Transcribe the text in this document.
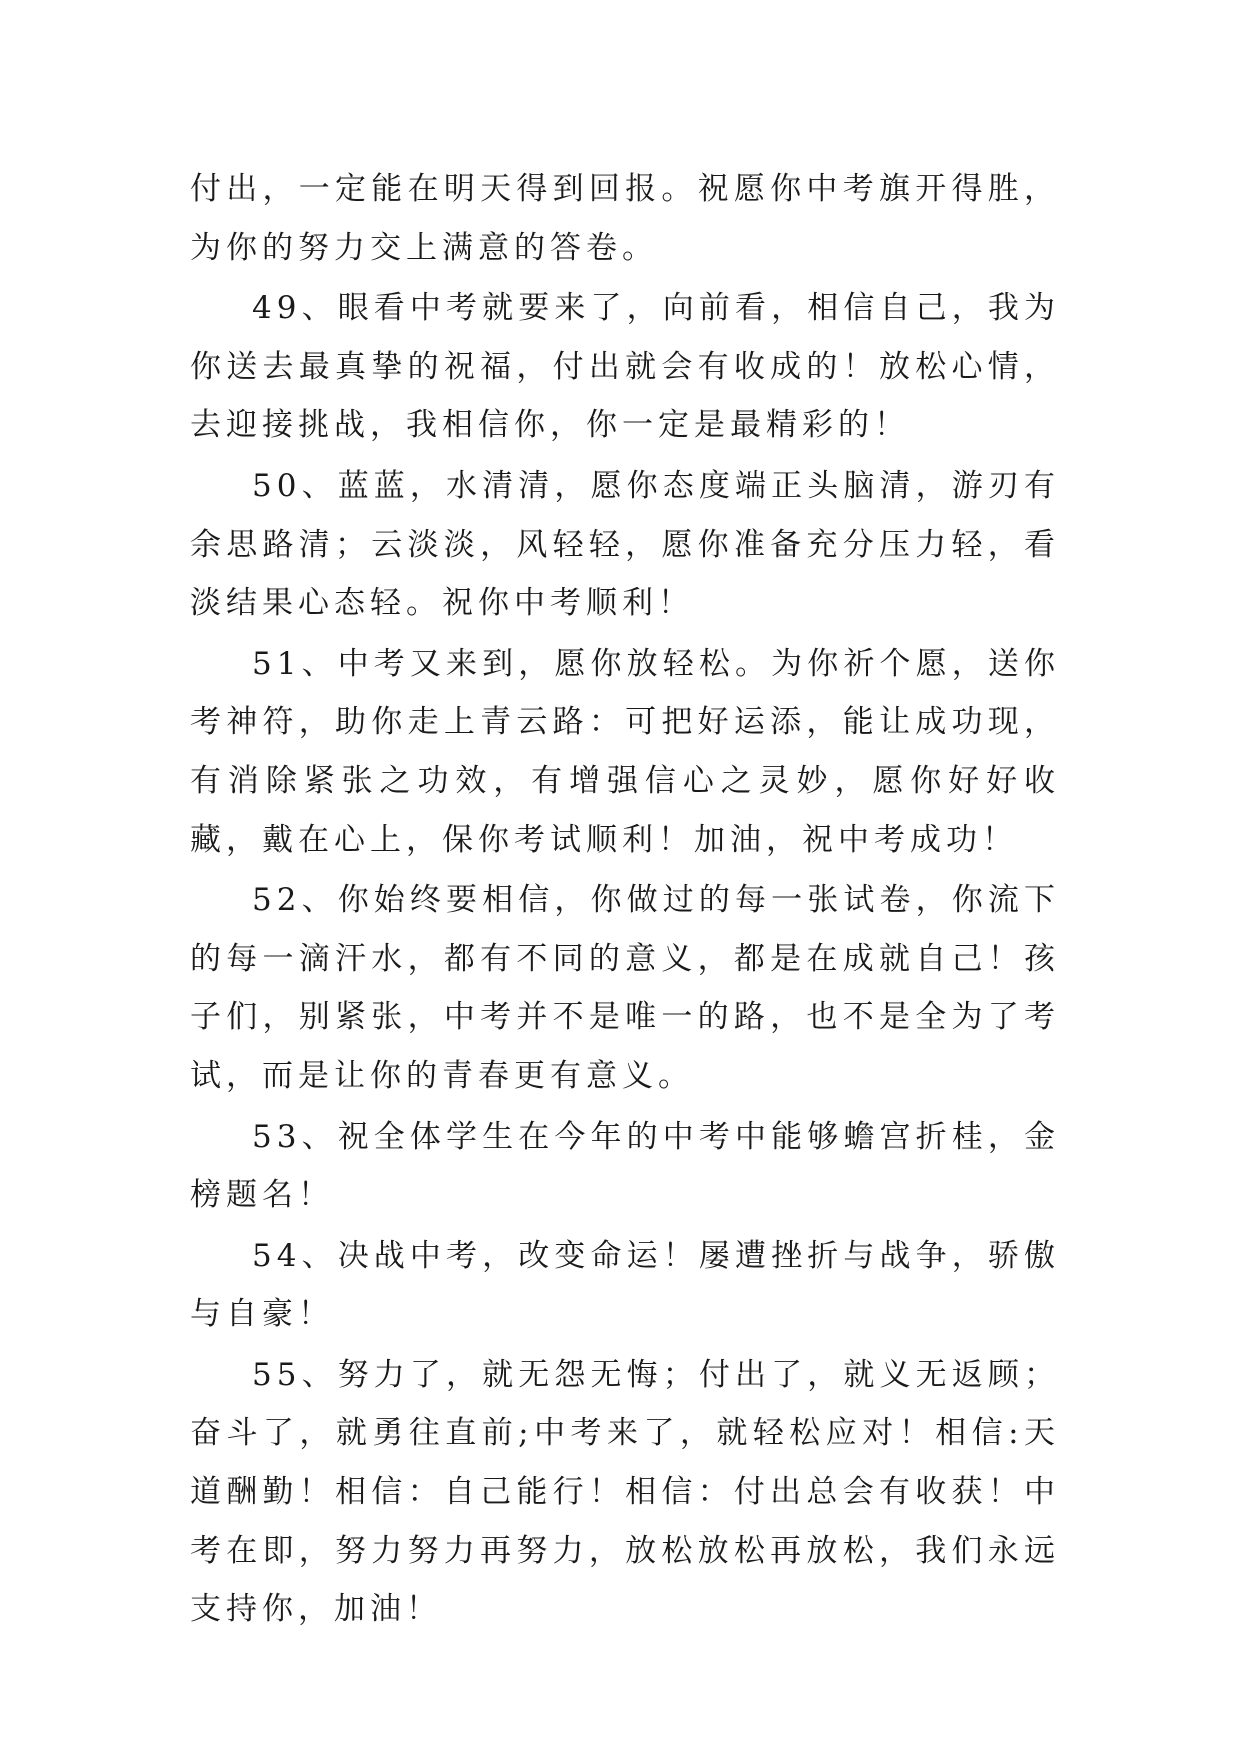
付出，一定能在明天得到回报。祝愿你中考旗开得胜，为你的努力交上满意的答卷。

49、眼看中考就要来了，向前看，相信自己，我为你送去最真挚的祝福，付出就会有收成的！放松心情，去迎接挑战，我相信你，你一定是最精彩的！

50、蓝蓝，水清清，愿你态度端正头脑清，游刃有余思路清；云淡淡，风轻轻，愿你准备充分压力轻，看淡结果心态轻。祝你中考顺利！

51、中考又来到，愿你放轻松。为你祈个愿，送你考神符，助你走上青云路：可把好运添，能让成功现，有消除紧张之功效，有增强信心之灵妙，愿你好好收藏，戴在心上，保你考试顺利！加油，祝中考成功！

52、你始终要相信，你做过的每一张试卷，你流下的每一滴汗水，都有不同的意义，都是在成就自己！孩子们，别紧张，中考并不是唯一的路，也不是全为了考试，而是让你的青春更有意义。

53、祝全体学生在今年的中考中能够蟾宫折桂，金榜题名！

54、决战中考，改变命运！屡遭挫折与战争，骄傲与自豪！

55、努力了，就无怨无悔；付出了，就义无返顾；奋斗了，就勇往直前;中考来了，就轻松应对！相信:天道酬勤！相信：自己能行！相信：付出总会有收获！中考在即，努力努力再努力，放松放松再放松，我们永远支持你，加油！
